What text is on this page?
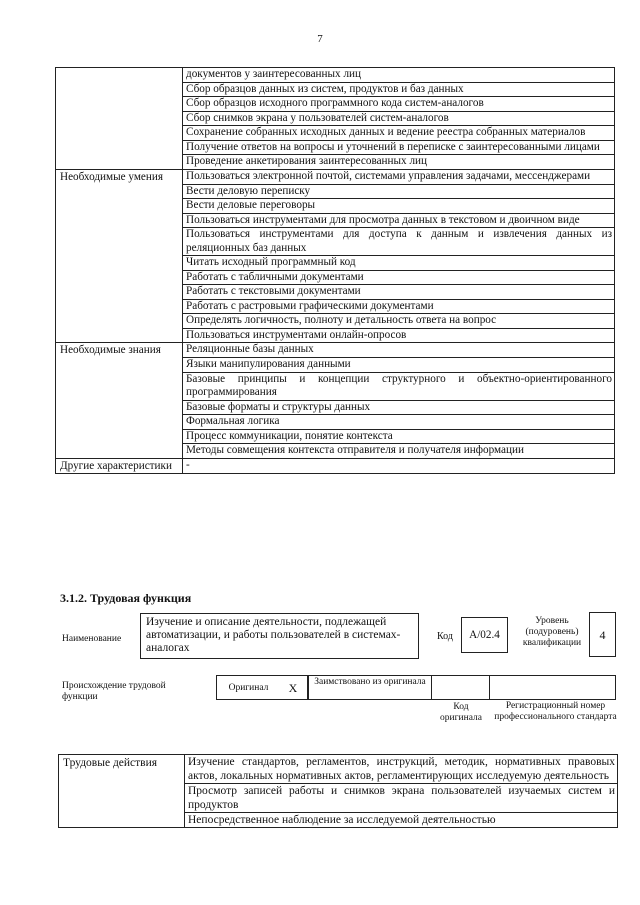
7
	документов у заинтересованных лиц
	Сбор образцов данных из систем, продуктов и баз данных
	Сбор образцов исходного программного кода систем-аналогов
	Сбор снимков экрана у пользователей систем-аналогов
	Сохранение собранных исходных данных и ведение реестра собранных материалов
	Получение ответов на вопросы и уточнений в переписке с заинтересованными лицами
	Проведение анкетирования заинтересованных лиц
Необходимые умения	Пользоваться электронной почтой, системами управления задачами, мессенджерами
	Вести деловую переписку
	Вести деловые переговоры
	Пользоваться инструментами для просмотра данных в текстовом и двоичном виде
	Пользоваться инструментами для доступа к данным и извлечения данных из реляционных баз данных
	Читать исходный программный код
	Работать с табличными документами
	Работать с текстовыми документами
	Работать с растровыми графическими документами
	Определять логичность, полноту и детальность ответа на вопрос
	Пользоваться инструментами онлайн-опросов
Необходимые знания	Реляционные базы данных
	Языки манипулирования данными
	Базовые принципы и концепции структурного и объектно-ориентированного программирования
	Базовые форматы и структуры данных
	Формальная логика
	Процесс коммуникации, понятие контекста
	Методы совмещения контекста отправителя и получателя информации
Другие характеристики	-
3.1.2. Трудовая функция
Наименование
Изучение и описание деятельности, подлежащей автоматизации, и работы пользователей в системах-аналогах
Код	A/02.4
Уровень (подуровень) квалификации
4
Происхождение трудовой функции
Оригинал	X	Заимствовано из оригинала
Код оригинала
Регистрационный номер профессионального стандарта
Трудовые действия	Изучение стандартов, регламентов, инструкций, методик, нормативных правовых актов, локальных нормативных актов, регламентирующих исследуемую деятельность
	Просмотр записей работы и снимков экрана пользователей изучаемых систем и продуктов
	Непосредственное наблюдение за исследуемой деятельностью
